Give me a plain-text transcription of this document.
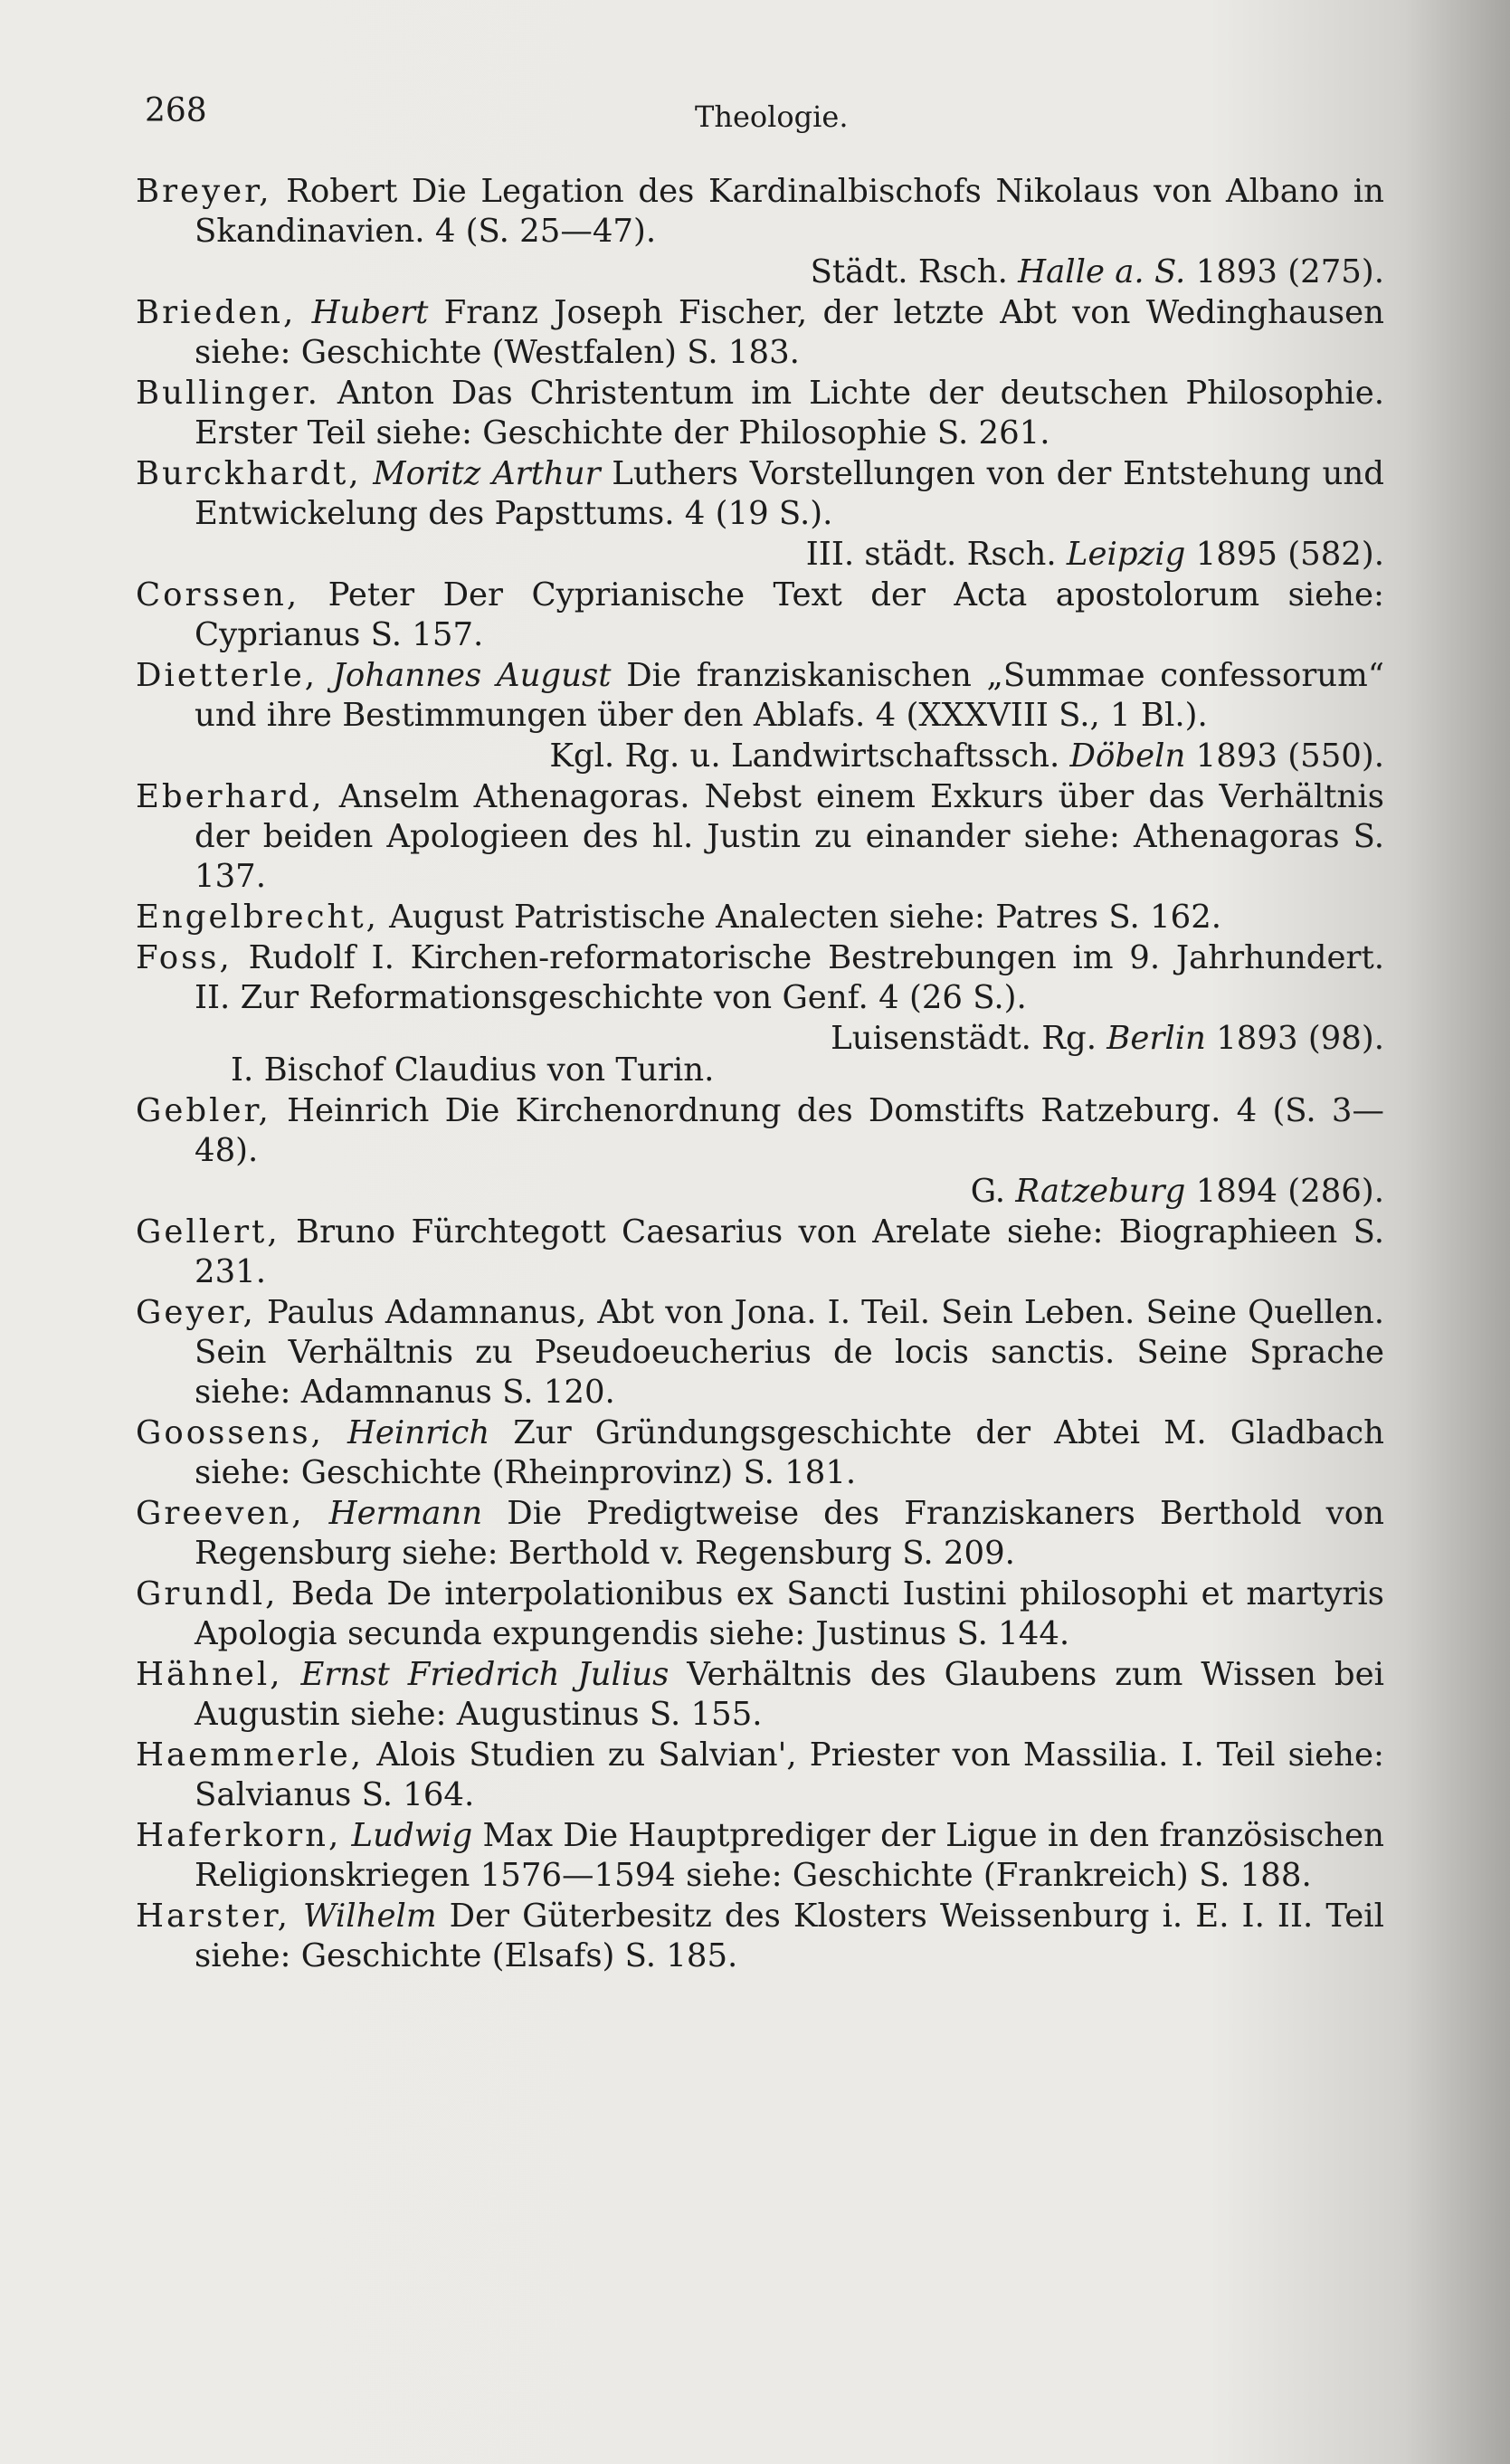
268	Theologie.
Breyer, Robert Die Legation des Kardinalbischofs Nikolaus von Albano in Skandinavien. 4 (S. 25—47).
Städt. Rsch. Halle a. S. 1893 (275).
Brieden, Hubert Franz Joseph Fischer, der letzte Abt von Wedinghausen siehe: Geschichte (Westfalen) S. 183.
Bullinger. Anton Das Christentum im Lichte der deutschen Philosophie. Erster Teil siehe: Geschichte der Philosophie S. 261.
Burckhardt, Moritz Arthur Luthers Vorstellungen von der Entstehung und Entwickelung des Papsttums. 4 (19 S.).
III. städt. Rsch. Leipzig 1895 (582).
Corssen, Peter Der Cyprianische Text der Acta apostolorum siehe: Cyprianus S. 157.
Dietterle, Johannes August Die franziskanischen „Summae confessorum“ und ihre Bestimmungen über den Ablafs. 4 (XXXVIII S., 1 Bl.).
Kgl. Rg. u. Landwirtschaftssch. Döbeln 1893 (550).
Eberhard, Anselm Athenagoras. Nebst einem Exkurs über das Verhältnis der beiden Apologieen des hl. Justin zu einander siehe: Athenagoras S. 137.
Engelbrecht, August Patristische Analecten siehe: Patres S. 162.
Foss, Rudolf I. Kirchen-reformatorische Bestrebungen im 9. Jahrhundert. II. Zur Reformationsgeschichte von Genf. 4 (26 S.).
Luisenstädt. Rg. Berlin 1893 (98).
I. Bischof Claudius von Turin.
Gebler, Heinrich Die Kirchenordnung des Domstifts Ratzeburg. 4 (S. 3—48).
G. Ratzeburg 1894 (286).
Gellert, Bruno Fürchtegott Caesarius von Arelate siehe: Biographieen S. 231.
Geyer, Paulus Adamnanus, Abt von Jona. I. Teil. Sein Leben. Seine Quellen. Sein Verhältnis zu Pseudoeucherius de locis sanctis. Seine Sprache siehe: Adamnanus S. 120.
Goossens, Heinrich Zur Gründungsgeschichte der Abtei M. Gladbach siehe: Geschichte (Rheinprovinz) S. 181.
Greeven, Hermann Die Predigtweise des Franziskaners Berthold von Regensburg siehe: Berthold v. Regensburg S. 209.
Grundl, Beda De interpolationibus ex Sancti Iustini philosophi et martyris Apologia secunda expungendis siehe: Justinus S. 144.
Hähnel, Ernst Friedrich Julius Verhältnis des Glaubens zum Wissen bei Augustin siehe: Augustinus S. 155.
Haemmerle, Alois Studien zu Salvian', Priester von Massilia. I. Teil siehe: Salvianus S. 164.
Haferkorn, Ludwig Max Die Hauptprediger der Ligue in den französischen Religionskriegen 1576—1594 siehe: Geschichte (Frankreich) S. 188.
Harster, Wilhelm Der Güterbesitz des Klosters Weissenburg i. E. I. II. Teil siehe: Geschichte (Elsafs) S. 185.
